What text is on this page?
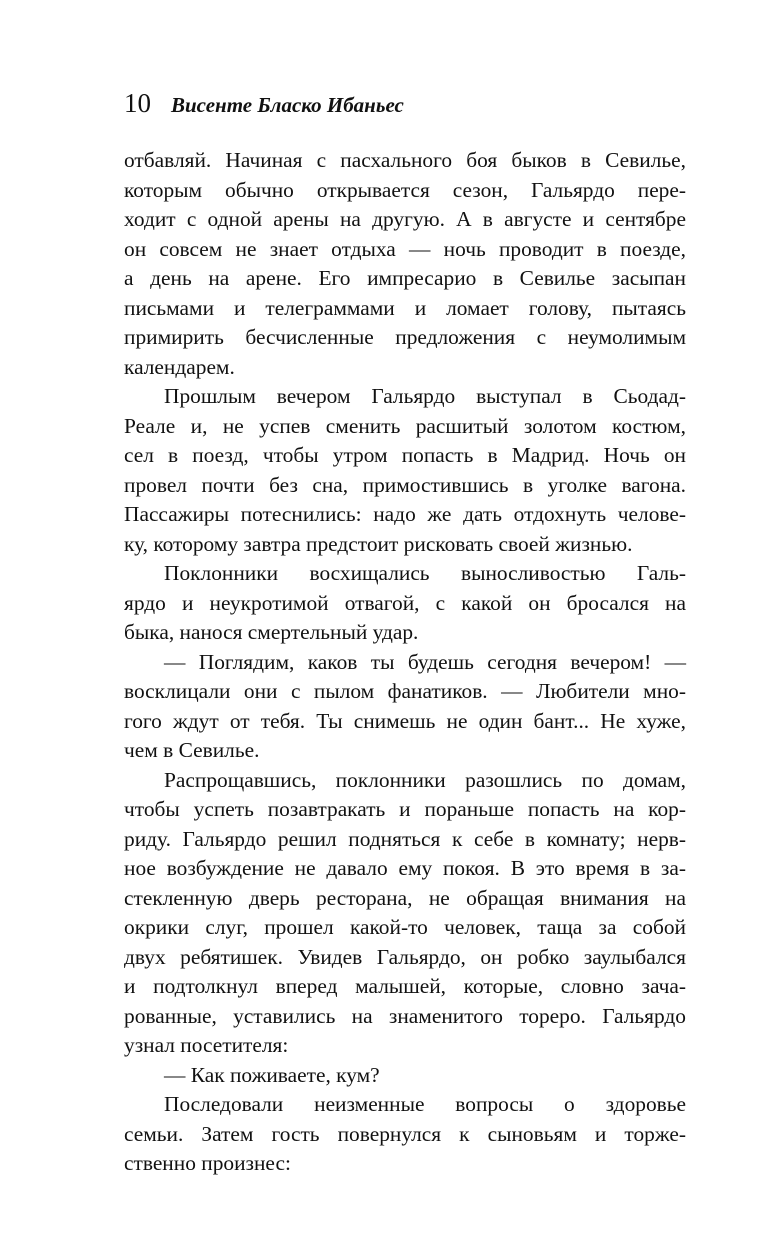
10 Висенте Бласко Ибаньес

отбавляй. Начиная с пасхального боя быков в Севилье,
которым обычно открывается сезон, Гальярдо пере-
ходит с одной арены на другую. А в августе и сентябре
он совсем не знает отдыха — ночь проводит в поезде,
а день на арене. Его импресарио в Севилье засыпан
письмами и телеграммами и ломает голову, пытаясь
примирить бесчисленные предложения с неумолимым
календарем.

Прошлым вечером Гальярдо выступал в Сьодад-
Реале и, не успев сменить расшитый золотом костюм,
сел в поезд, чтобы утром попасть в Мадрид. Ночь он
провел почти без сна, примостившись в уголке вагона.
Пассажиры потеснились: надо же дать отдохнуть челове-
ку, которому завтра предстоит рисковать своей жизнью.

Поклонники восхищались выносливостью Галь-
ярдо и неукротимой отвагой, с какой он бросался на
быка, нанося смертельный удар.

— Поглядим, каков ты будешь сегодня вечером! —
восклицали они с пылом фанатиков. — Любители мно-
гого ждут от тебя. Ты снимешь не один бант... Не хуже,
чем в Севилье.

Распрощавшись, поклонники разошлись по домам,
чтобы успеть позавтракать и пораньше попасть на кор-
риду. Гальярдо решил подняться к себе в комнату; нерв-
ное возбуждение не давало ему покоя. В это время в за-
стекленную дверь ресторана, не обращая внимания на
окрики слуг, прошел какой-то человек, таща за собой
двух ребятишек. Увидев Гальярдо, он робко заулыбался
и подтолкнул вперед малышей, которые, словно зача-
рованные, уставились на знаменитого тореро. Гальярдо
узнал посетителя:

— Как поживаете, кум?

Последовали неизменные вопросы о здоровье
семьи. Затем гость повернулся к сыновьям и торже-
ственно произнес:
